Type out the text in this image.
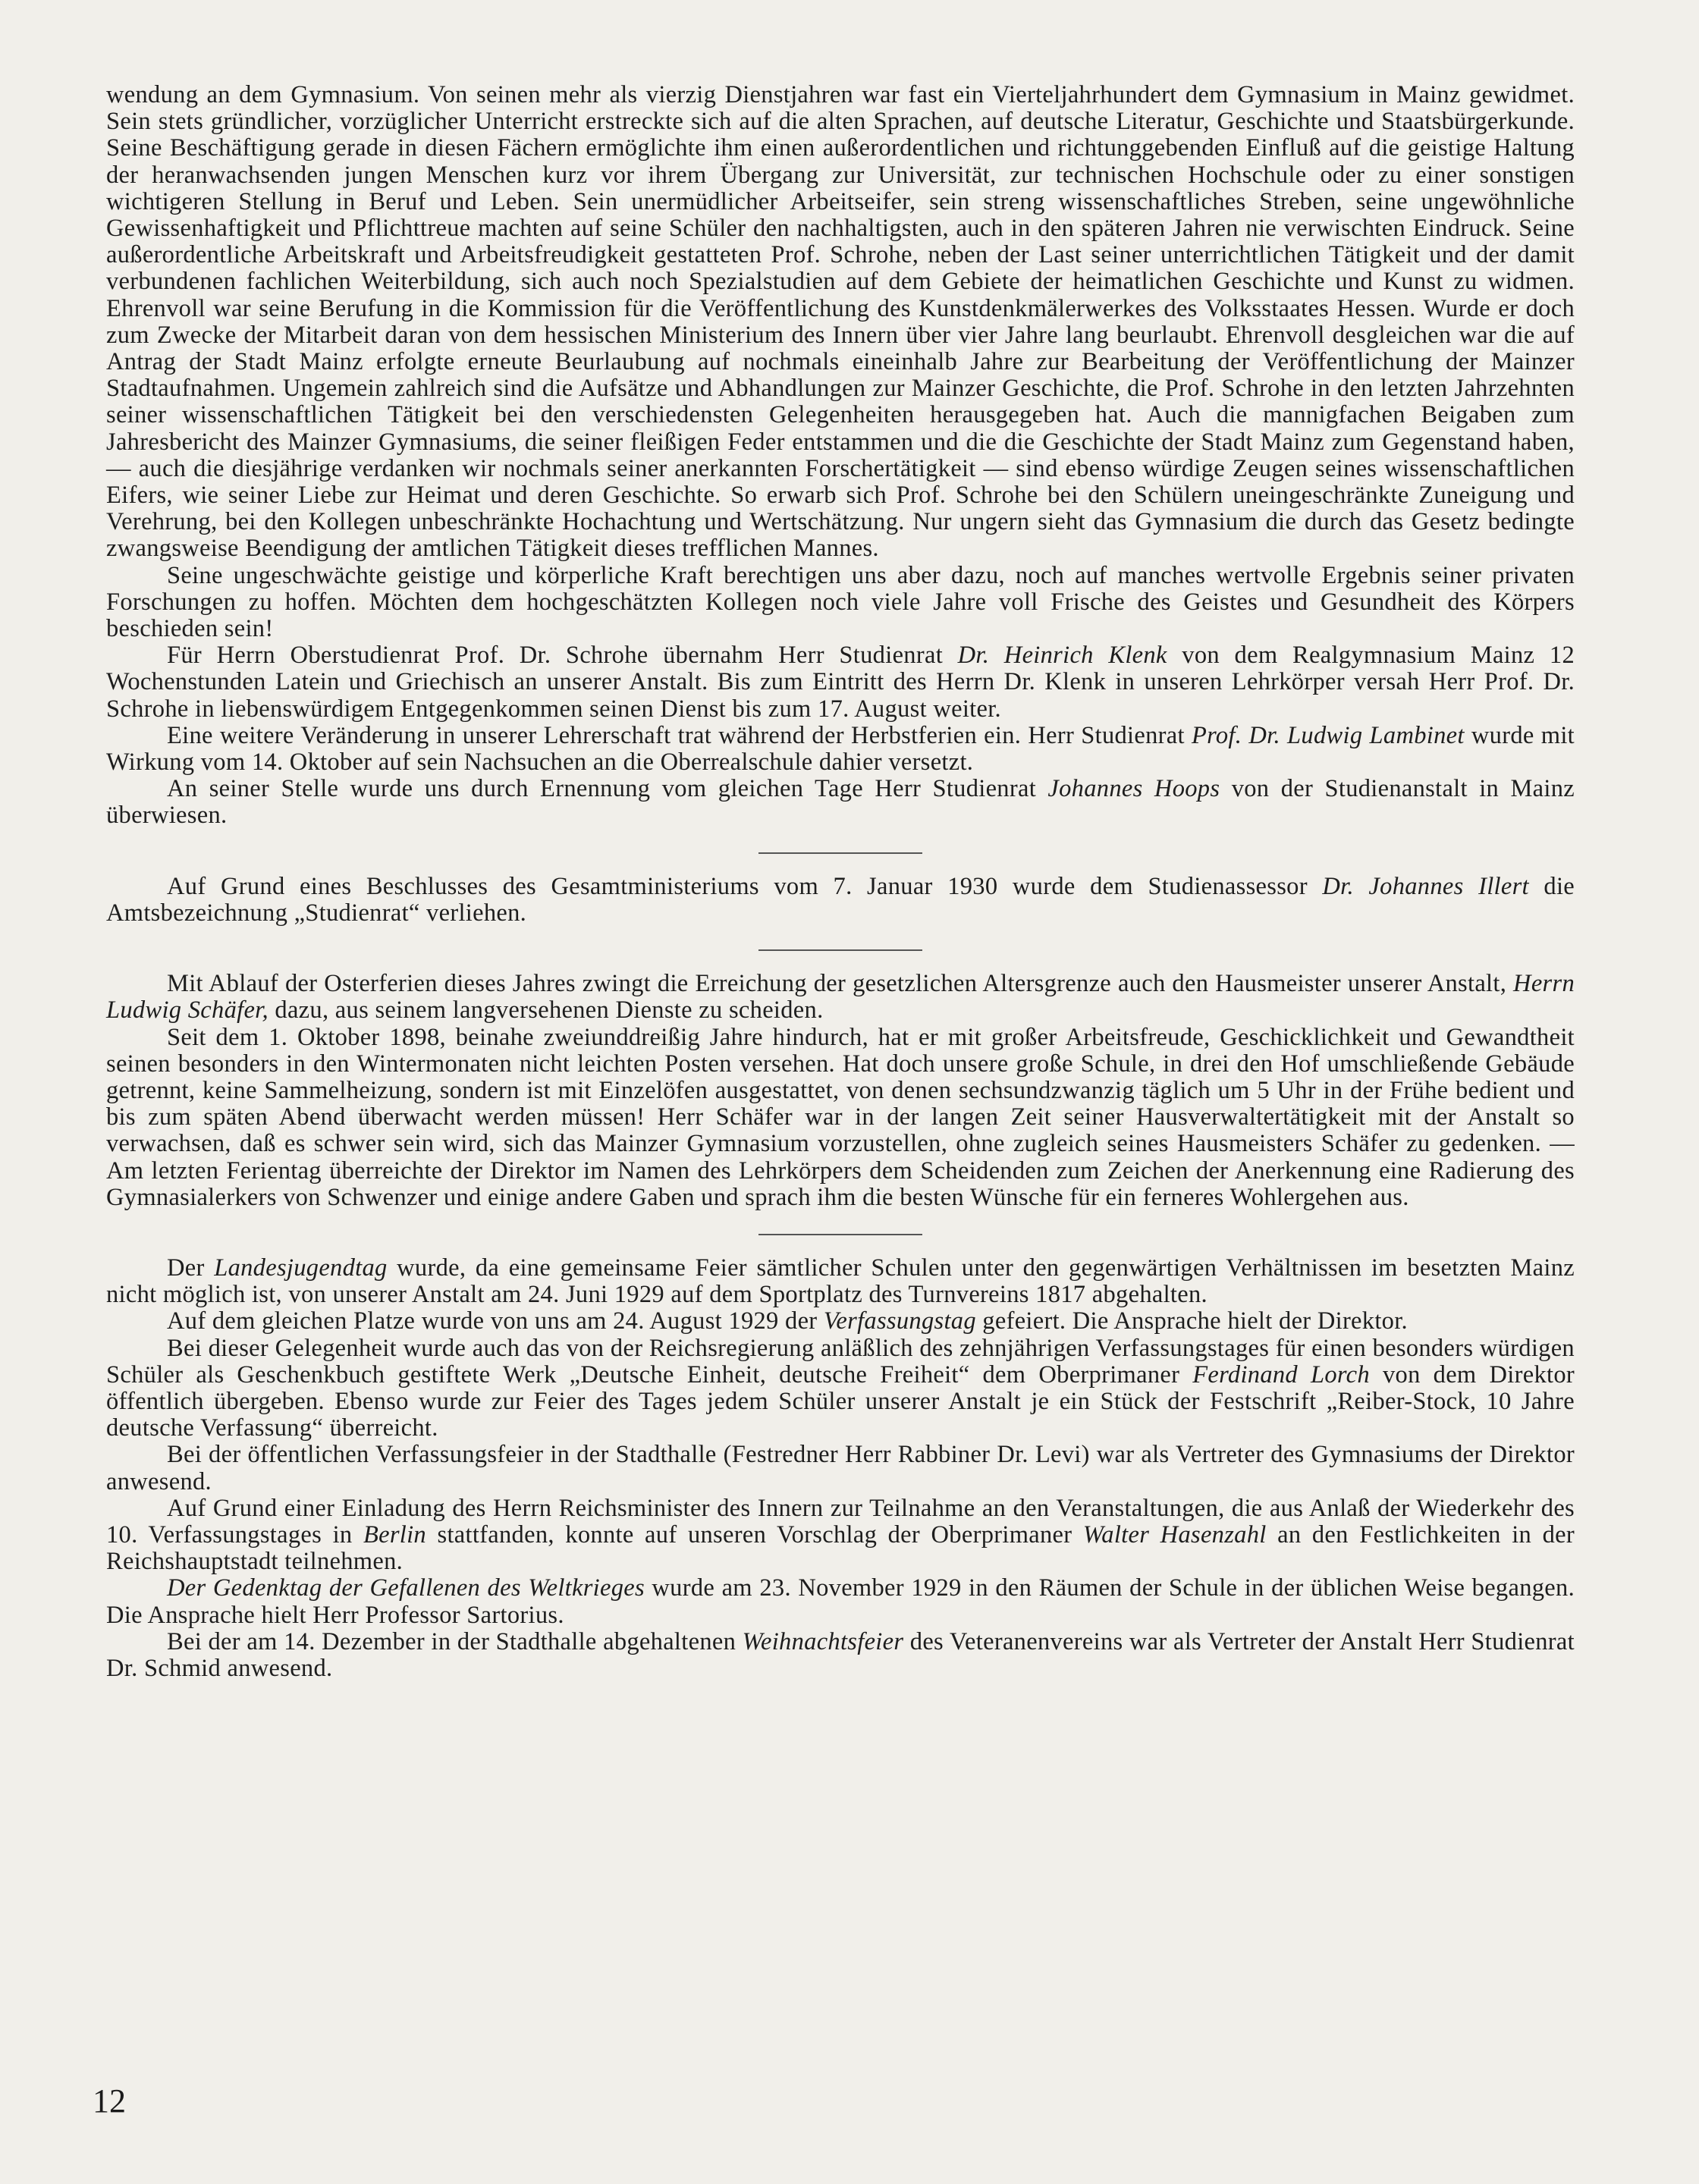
wendung an dem Gymnasium. Von seinen mehr als vierzig Dienstjahren war fast ein Vierteljahrhundert dem Gymnasium in Mainz gewidmet. Sein stets gründlicher, vorzüglicher Unterricht erstreckte sich auf die alten Sprachen, auf deutsche Literatur, Geschichte und Staatsbürgerkunde. Seine Beschäftigung gerade in diesen Fächern ermöglichte ihm einen außerordentlichen und richtunggebenden Einfluß auf die geistige Haltung der heranwachsenden jungen Menschen kurz vor ihrem Übergang zur Universität, zur technischen Hochschule oder zu einer sonstigen wichtigeren Stellung in Beruf und Leben. Sein unermüdlicher Arbeitseifer, sein streng wissenschaftliches Streben, seine ungewöhnliche Gewissenhaftigkeit und Pflichttreue machten auf seine Schüler den nachhaltigsten, auch in den späteren Jahren nie verwischten Eindruck. Seine außerordentliche Arbeitskraft und Arbeitsfreudigkeit gestatteten Prof. Schrohe, neben der Last seiner unterrichtlichen Tätigkeit und der damit verbundenen fachlichen Weiterbildung, sich auch noch Spezialstudien auf dem Gebiete der heimatlichen Geschichte und Kunst zu widmen. Ehrenvoll war seine Berufung in die Kommission für die Veröffentlichung des Kunstdenkmälerwerkes des Volksstaates Hessen. Wurde er doch zum Zwecke der Mitarbeit daran von dem hessischen Ministerium des Innern über vier Jahre lang beurlaubt. Ehrenvoll desgleichen war die auf Antrag der Stadt Mainz erfolgte erneute Beurlaubung auf nochmals eineinhalb Jahre zur Bearbeitung der Veröffentlichung der Mainzer Stadtaufnahmen. Ungemein zahlreich sind die Aufsätze und Abhandlungen zur Mainzer Geschichte, die Prof. Schrohe in den letzten Jahrzehnten seiner wissenschaftlichen Tätigkeit bei den verschiedensten Gelegenheiten herausgegeben hat. Auch die mannigfachen Beigaben zum Jahresbericht des Mainzer Gymnasiums, die seiner fleißigen Feder entstammen und die die Geschichte der Stadt Mainz zum Gegenstand haben, — auch die diesjährige verdanken wir nochmals seiner anerkannten Forschertätigkeit — sind ebenso würdige Zeugen seines wissenschaftlichen Eifers, wie seiner Liebe zur Heimat und deren Geschichte. So erwarb sich Prof. Schrohe bei den Schülern uneingeschränkte Zuneigung und Verehrung, bei den Kollegen unbeschränkte Hochachtung und Wertschätzung. Nur ungern sieht das Gymnasium die durch das Gesetz bedingte zwangsweise Beendigung der amtlichen Tätigkeit dieses trefflichen Mannes.

Seine ungeschwächte geistige und körperliche Kraft berechtigen uns aber dazu, noch auf manches wertvolle Ergebnis seiner privaten Forschungen zu hoffen. Möchten dem hochgeschätzten Kollegen noch viele Jahre voll Frische des Geistes und Gesundheit des Körpers beschieden sein!

Für Herrn Oberstudienrat Prof. Dr. Schrohe übernahm Herr Studienrat Dr. Heinrich Klenk von dem Realgymnasium Mainz 12 Wochenstunden Latein und Griechisch an unserer Anstalt. Bis zum Eintritt des Herrn Dr. Klenk in unseren Lehrkörper versah Herr Prof. Dr. Schrohe in liebenswürdigem Entgegenkommen seinen Dienst bis zum 17. August weiter.

Eine weitere Veränderung in unserer Lehrerschaft trat während der Herbstferien ein. Herr Studienrat Prof. Dr. Ludwig Lambinet wurde mit Wirkung vom 14. Oktober auf sein Nachsuchen an die Oberrealschule dahier versetzt.

An seiner Stelle wurde uns durch Ernennung vom gleichen Tage Herr Studienrat Johannes Hoops von der Studienanstalt in Mainz überwiesen.

Auf Grund eines Beschlusses des Gesamtministeriums vom 7. Januar 1930 wurde dem Studienassessor Dr. Johannes Illert die Amtsbezeichnung „Studienrat“ verliehen.

Mit Ablauf der Osterferien dieses Jahres zwingt die Erreichung der gesetzlichen Altersgrenze auch den Hausmeister unserer Anstalt, Herrn Ludwig Schäfer, dazu, aus seinem langversehenen Dienste zu scheiden.

Seit dem 1. Oktober 1898, beinahe zweiunddreißig Jahre hindurch, hat er mit großer Arbeitsfreude, Geschicklichkeit und Gewandtheit seinen besonders in den Wintermonaten nicht leichten Posten versehen. Hat doch unsere große Schule, in drei den Hof umschließende Gebäude getrennt, keine Sammelheizung, sondern ist mit Einzelöfen ausgestattet, von denen sechsundzwanzig täglich um 5 Uhr in der Frühe bedient und bis zum späten Abend überwacht werden müssen! Herr Schäfer war in der langen Zeit seiner Hausverwaltertätigkeit mit der Anstalt so verwachsen, daß es schwer sein wird, sich das Mainzer Gymnasium vorzustellen, ohne zugleich seines Hausmeisters Schäfer zu gedenken. — Am letzten Ferientag überreichte der Direktor im Namen des Lehrkörpers dem Scheidenden zum Zeichen der Anerkennung eine Radierung des Gymnasialerkers von Schwenzer und einige andere Gaben und sprach ihm die besten Wünsche für ein ferneres Wohlergehen aus.

Der Landesjugendtag wurde, da eine gemeinsame Feier sämtlicher Schulen unter den gegenwärtigen Verhältnissen im besetzten Mainz nicht möglich ist, von unserer Anstalt am 24. Juni 1929 auf dem Sportplatz des Turnvereins 1817 abgehalten.

Auf dem gleichen Platze wurde von uns am 24. August 1929 der Verfassungstag gefeiert. Die Ansprache hielt der Direktor.

Bei dieser Gelegenheit wurde auch das von der Reichsregierung anläßlich des zehnjährigen Verfassungstages für einen besonders würdigen Schüler als Geschenkbuch gestiftete Werk „Deutsche Einheit, deutsche Freiheit“ dem Oberprimaner Ferdinand Lorch von dem Direktor öffentlich übergeben. Ebenso wurde zur Feier des Tages jedem Schüler unserer Anstalt je ein Stück der Festschrift „Reiber-Stock, 10 Jahre deutsche Verfassung“ überreicht.

Bei der öffentlichen Verfassungsfeier in der Stadthalle (Festredner Herr Rabbiner Dr. Levi) war als Vertreter des Gymnasiums der Direktor anwesend.

Auf Grund einer Einladung des Herrn Reichsminister des Innern zur Teilnahme an den Veranstaltungen, die aus Anlaß der Wiederkehr des 10. Verfassungstages in Berlin stattfanden, konnte auf unseren Vorschlag der Oberprimaner Walter Hasenzahl an den Festlichkeiten in der Reichshauptstadt teilnehmen.

Der Gedenktag der Gefallenen des Weltkrieges wurde am 23. November 1929 in den Räumen der Schule in der üblichen Weise begangen. Die Ansprache hielt Herr Professor Sartorius.

Bei der am 14. Dezember in der Stadthalle abgehaltenen Weihnachtsfeier des Veteranenvereins war als Vertreter der Anstalt Herr Studienrat Dr. Schmid anwesend.

12
